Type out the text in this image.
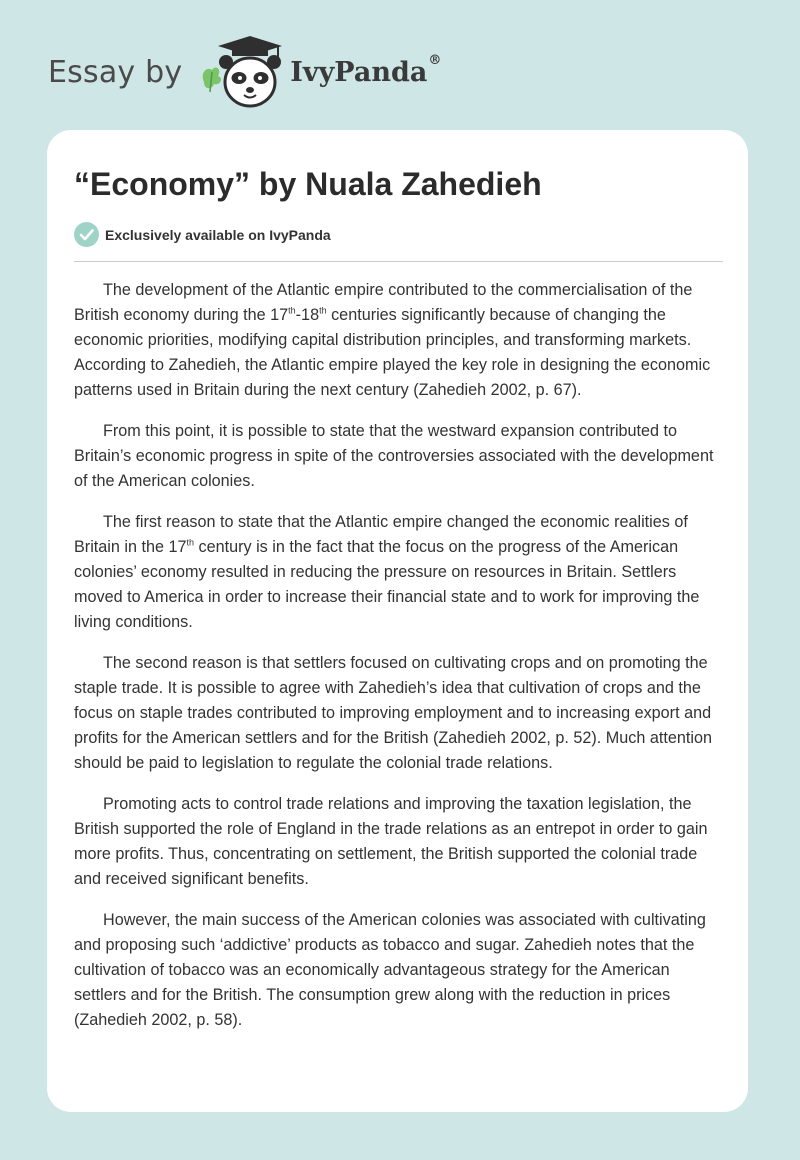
Essay by	IvyPanda®
“Economy” by Nuala Zahedieh
Exclusively available on IvyPanda

The development of the Atlantic empire contributed to the commercialisation of the British economy during the 17th-18th centuries significantly because of changing the economic priorities, modifying capital distribution principles, and transforming markets. According to Zahedieh, the Atlantic empire played the key role in designing the economic patterns used in Britain during the next century (Zahedieh 2002, p. 67).

From this point, it is possible to state that the westward expansion contributed to Britain’s economic progress in spite of the controversies associated with the development of the American colonies.

The first reason to state that the Atlantic empire changed the economic realities of Britain in the 17th century is in the fact that the focus on the progress of the American colonies’ economy resulted in reducing the pressure on resources in Britain. Settlers moved to America in order to increase their financial state and to work for improving the living conditions.

The second reason is that settlers focused on cultivating crops and on promoting the staple trade. It is possible to agree with Zahedieh’s idea that cultivation of crops and the focus on staple trades contributed to improving employment and to increasing export and profits for the American settlers and for the British (Zahedieh 2002, p. 52). Much attention should be paid to legislation to regulate the colonial trade relations.

Promoting acts to control trade relations and improving the taxation legislation, the British supported the role of England in the trade relations as an entrepot in order to gain more profits. Thus, concentrating on settlement, the British supported the colonial trade and received significant benefits.

However, the main success of the American colonies was associated with cultivating and proposing such ‘addictive’ products as tobacco and sugar. Zahedieh notes that the cultivation of tobacco was an economically advantageous strategy for the American settlers and for the British. The consumption grew along with the reduction in prices (Zahedieh 2002, p. 58).
